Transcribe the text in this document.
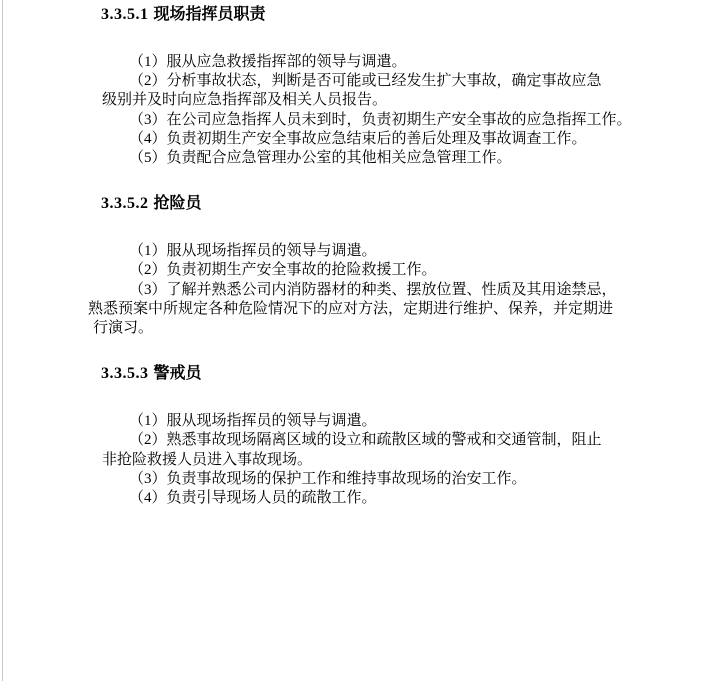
3.3.5.1 现场指挥员职责
（1）服从应急救援指挥部的领导与调遣。
（2）分析事故状态，判断是否可能或已经发生扩大事故，确定事故应急
级别并及时向应急指挥部及相关人员报告。
（3）在公司应急指挥人员未到时，负责初期生产安全事故的应急指挥工作。
（4）负责初期生产安全事故应急结束后的善后处理及事故调查工作。
（5）负责配合应急管理办公室的其他相关应急管理工作。
3.3.5.2 抢险员
（1）服从现场指挥员的领导与调遣。
（2）负责初期生产安全事故的抢险救援工作。
（3）了解并熟悉公司内消防器材的种类、摆放位置、性质及其用途禁忌，
熟悉预案中所规定各种危险情况下的应对方法，定期进行维护、保养，并定期进
行演习。
3.3.5.3 警戒员
（1）服从现场指挥员的领导与调遣。
（2）熟悉事故现场隔离区域的设立和疏散区域的警戒和交通管制，阻止
非抢险救援人员进入事故现场。
（3）负责事故现场的保护工作和维持事故现场的治安工作。
（4）负责引导现场人员的疏散工作。
